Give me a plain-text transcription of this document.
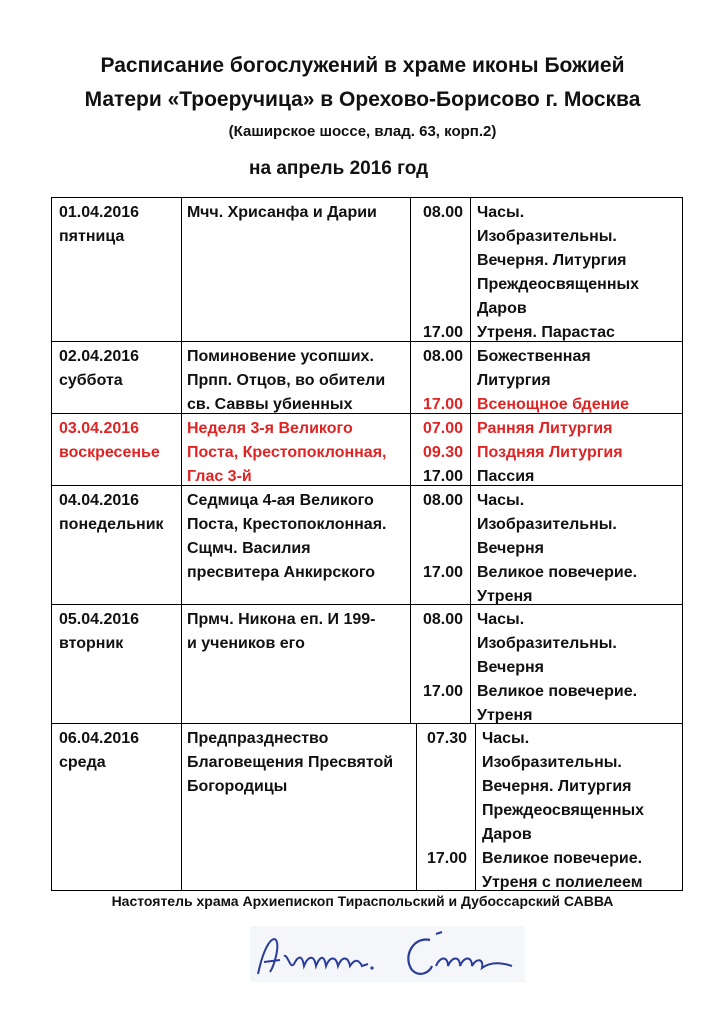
Расписание богослужений в храме иконы Божией
Матери «Троеручица» в Орехово-Борисово г. Москва
(Каширское шоссе, влад. 63, корп.2)
на апрель 2016 год
01.04.2016
пятница
Мчч. Хрисанфа и Дарии	08.00
17.00
Часы.
Изобразительны.
Вечерня. Литургия
Преждеосвященных
Даров
Утреня. Парастас
02.04.2016
суббота
Поминовение усопших.
Прпп. Отцов, во обители
св. Саввы убиенных
08.00
17.00
Божественная
Литургия
Всенощное бдение
03.04.2016
воскресенье
Неделя 3-я Великого
Поста, Крестопоклонная,
Глас 3-й
07.00
09.30
17.00
Ранняя Литургия
Поздняя Литургия
Пассия
04.04.2016
понедельник
Седмица 4-ая Великого
Поста, Крестопоклонная.
Сщмч. Василия
пресвитера Анкирского
08.00
17.00
Часы.
Изобразительны.
Вечерня
Великое повечерие.
Утреня
05.04.2016
вторник
Прмч. Никона еп. И 199-
и учеников его
08.00
17.00
Часы.
Изобразительны.
Вечерня
Великое повечерие.
Утреня
06.04.2016
среда
Предпразднество
Благовещения Пресвятой
Богородицы
07.30
17.00
Часы.
Изобразительны.
Вечерня. Литургия
Преждеосвященных
Даров
Великое повечерие.
Утреня с полиелеем
Настоятель храма Архиепископ Тираспольский и Дубоссарский САВВА
